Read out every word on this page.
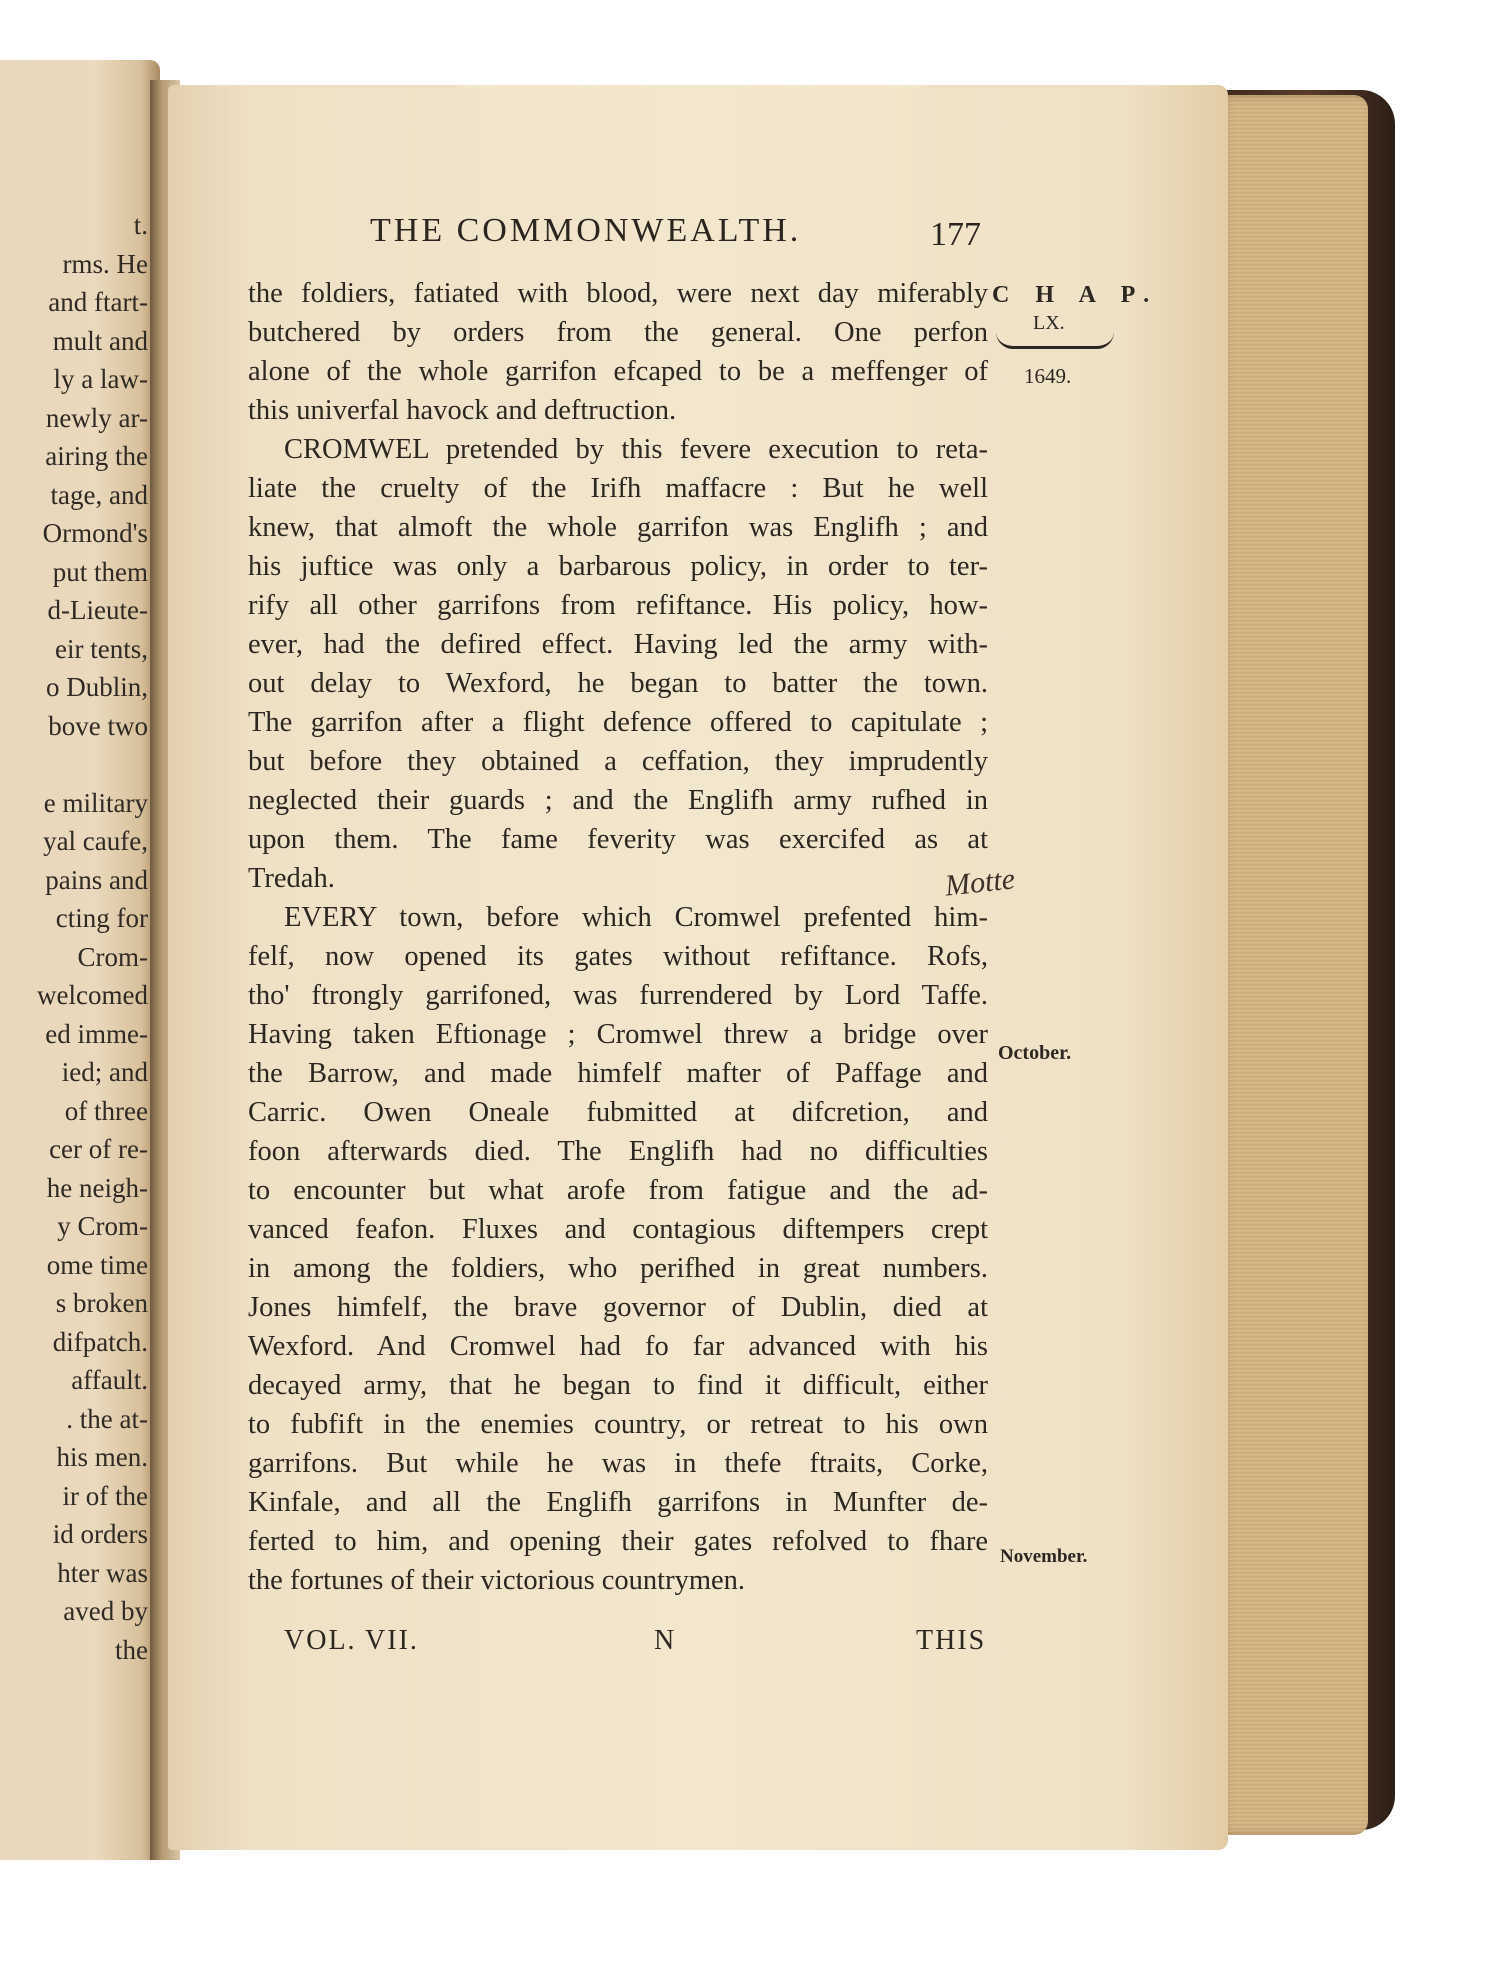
t.

rms. He

and ftart-

mult and

ly a law-

newly ar-

airing the

tage, and

Ormond's

put them

d-Lieute-

eir tents,

o Dublin,

bove two

e military

yal caufe,

pains and

cting for

Crom-

welcomed

ed imme-

ied; and

of three

cer of re-

he neigh-

y Crom-

ome time

s broken

difpatch.

affault.

. the at-

his men.

ir of the

id orders

hter was

aved by

the

THE COMMONWEALTH.	177

C H A P.

LX.

1649.

October.

November.

the foldiers, fatiated with blood, were next day miferably
butchered by orders from the general. One perfon
alone of the whole garrifon efcaped to be a meffenger of
this univerfal havock and deftruction.
CROMWEL pretended by this fevere execution to reta-
liate the cruelty of the Irifh maffacre : But he well
knew, that almoft the whole garrifon was Englifh ; and
his juftice was only a barbarous policy, in order to ter-
rify all other garrifons from refiftance. His policy, how-
ever, had the defired effect. Having led the army with-
out delay to Wexford, he began to batter the town.
The garrifon after a flight defence offered to capitulate ;
but before they obtained a ceffation, they imprudently
neglected their guards ; and the Englifh army rufhed in
upon them. The fame feverity was exercifed as at
Tredah.
EVERY town, before which Cromwel prefented him-
felf, now opened its gates without refiftance. Rofs,
tho' ftrongly garrifoned, was furrendered by Lord Taffe.
Having taken Eftionage ; Cromwel threw a bridge over
the Barrow, and made himfelf mafter of Paffage and
Carric. Owen Oneale fubmitted at difcretion, and
foon afterwards died. The Englifh had no difficulties
to encounter but what arofe from fatigue and the ad-
vanced feafon. Fluxes and contagious diftempers crept
in among the foldiers, who perifhed in great numbers.
Jones himfelf, the brave governor of Dublin, died at
Wexford. And Cromwel had fo far advanced with his
decayed army, that he began to find it difficult, either
to fubfift in the enemies country, or retreat to his own
garrifons. But while he was in thefe ftraits, Corke,
Kinfale, and all the Englifh garrifons in Munfter de-
ferted to him, and opening their gates refolved to fhare
the fortunes of their victorious countrymen.

Motte

VOL. VII.	N	THIS
